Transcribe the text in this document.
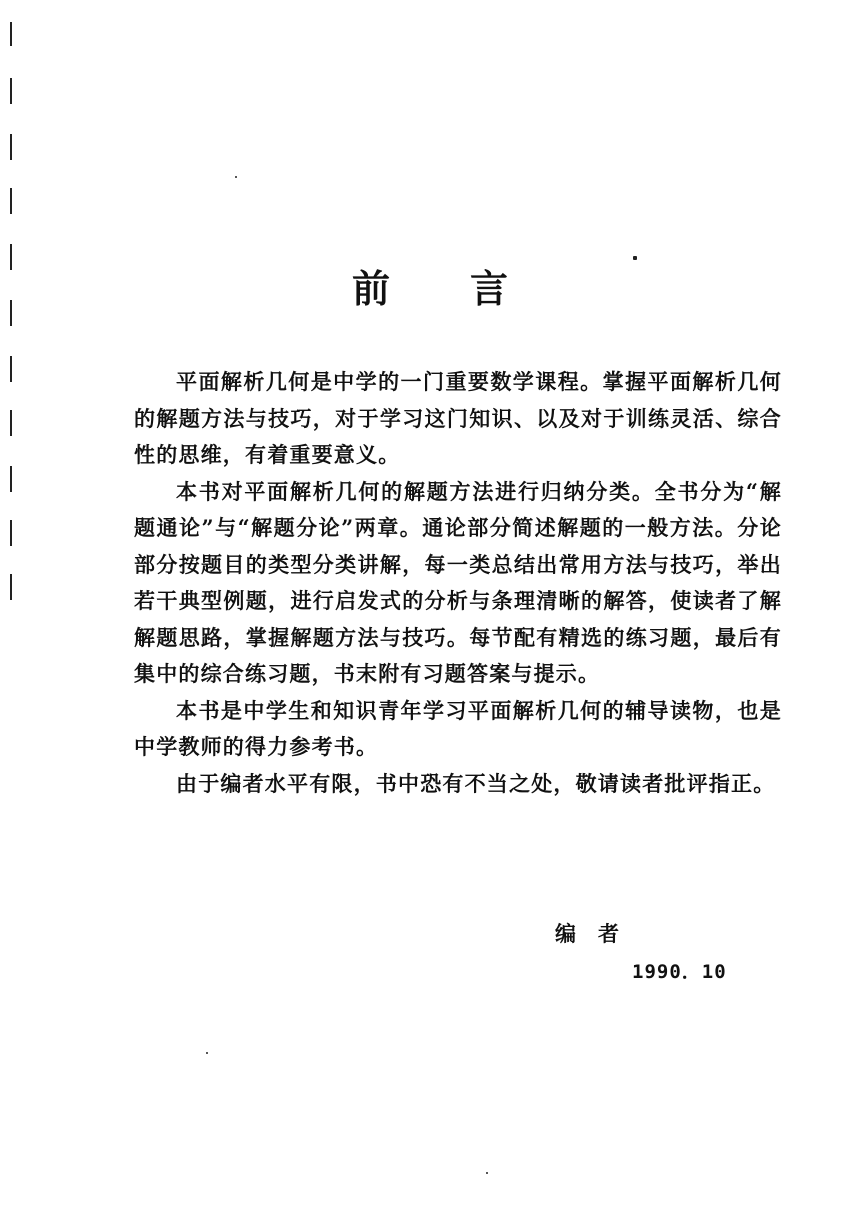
前 言

平面解析几何是中学的一门重要数学课程。掌握平面解析几何的解题方法与技巧，对于学习这门知识、以及对于训练灵活、综合性的思维，有着重要意义。

本书对平面解析几何的解题方法进行归纳分类。全书分为“解题通论”与“解题分论”两章。通论部分简述解题的一般方法。分论部分按题目的类型分类讲解，每一类总结出常用方法与技巧，举出若干典型例题，进行启发式的分析与条理清晰的解答，使读者了解解题思路，掌握解题方法与技巧。每节配有精选的练习题，最后有集中的综合练习题，书末附有习题答案与提示。

本书是中学生和知识青年学习平面解析几何的辅导读物，也是中学教师的得力参考书。

由于编者水平有限，书中恐有不当之处，敬请读者批评指正。

编者
1990．10
